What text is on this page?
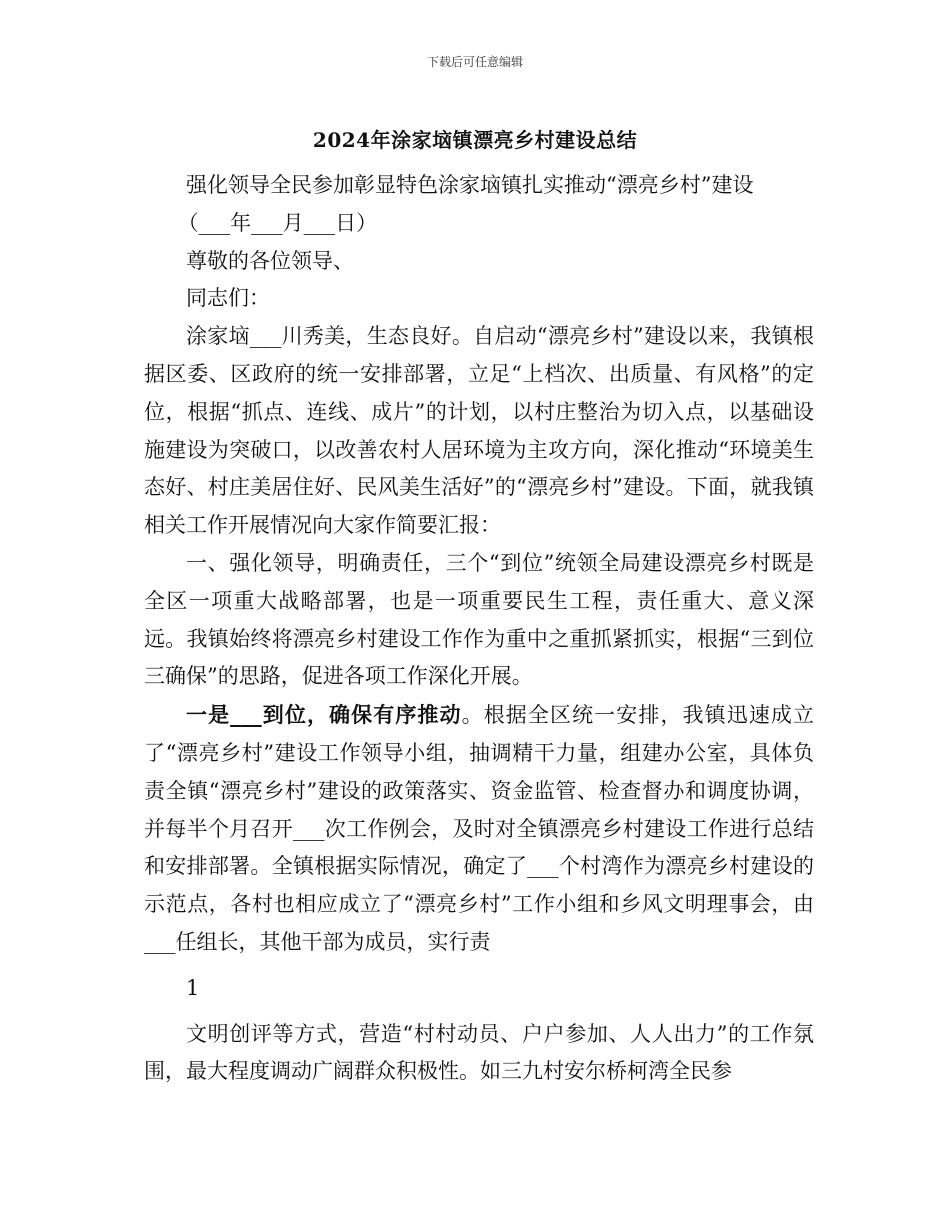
下载后可任意编辑
2024年涂家垴镇漂亮乡村建设总结

强化领导全民参加彰显特色涂家垴镇扎实推动“漂亮乡村”建设

（___年___月___日）

尊敬的各位领导、

同志们：

涂家垴___川秀美，生态良好。自启动“漂亮乡村”建设以来，我镇根据区委、区政府的统一安排部署，立足“上档次、出质量、有风格”的定位，根据“抓点、连线、成片”的计划，以村庄整治为切入点，以基础设施建设为突破口，以改善农村人居环境为主攻方向，深化推动“环境美生态好、村庄美居住好、民风美生活好”的“漂亮乡村”建设。下面，就我镇相关工作开展情况向大家作简要汇报：

一、强化领导，明确责任，三个“到位”统领全局建设漂亮乡村既是全区一项重大战略部署，也是一项重要民生工程，责任重大、意义深远。我镇始终将漂亮乡村建设工作作为重中之重抓紧抓实，根据“三到位三确保”的思路，促进各项工作深化开展。

一是___到位，确保有序推动。根据全区统一安排，我镇迅速成立了“漂亮乡村”建设工作领导小组，抽调精干力量，组建办公室，具体负责全镇“漂亮乡村”建设的政策落实、资金监管、检查督办和调度协调，并每半个月召开___次工作例会，及时对全镇漂亮乡村建设工作进行总结和安排部署。全镇根据实际情况，确定了___个村湾作为漂亮乡村建设的示范点，各村也相应成立了“漂亮乡村”工作小组和乡风文明理事会，由___任组长，其他干部为成员，实行责

1

文明创评等方式，营造“村村动员、户户参加、人人出力”的工作氛围，最大程度调动广阔群众积极性。如三九村安尔桥柯湾全民参
